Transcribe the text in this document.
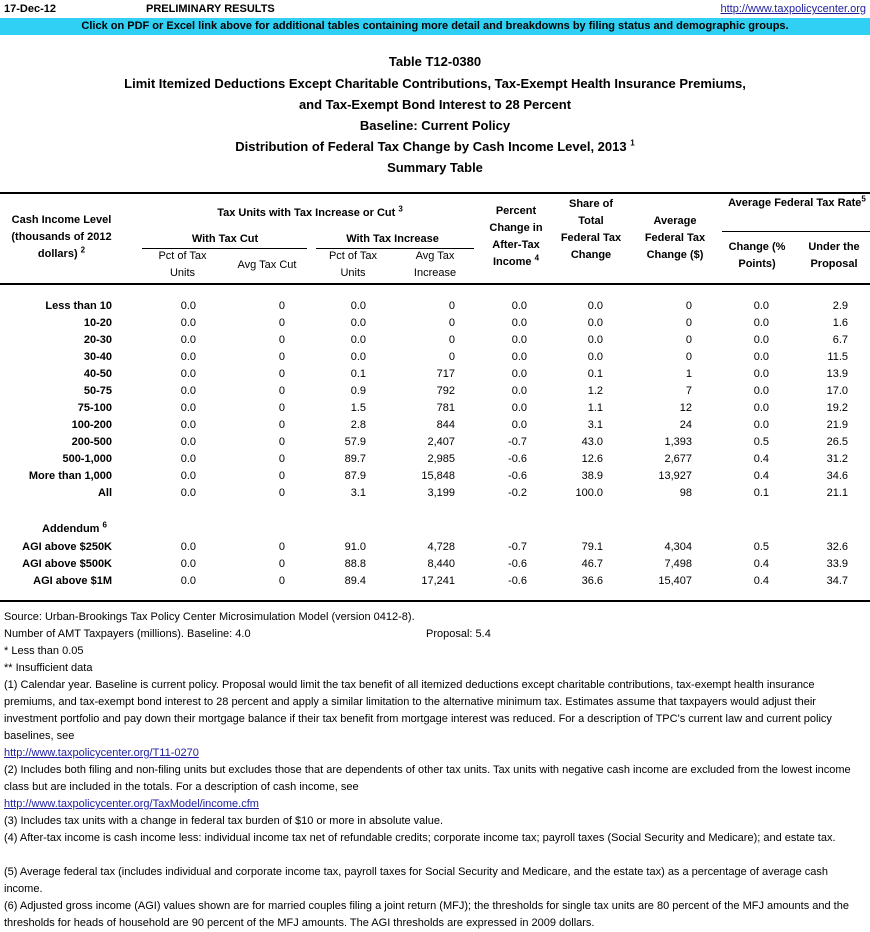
17-Dec-12	PRELIMINARY RESULTS	http://www.taxpolicycenter.org
Click on PDF or Excel link above for additional tables containing more detail and breakdowns by filing status and demographic groups.
Table T12-0380
Limit Itemized Deductions Except Charitable Contributions, Tax-Exempt Health Insurance Premiums,
and Tax-Exempt Bond Interest to 28 Percent
Baseline: Current Policy
Distribution of Federal Tax Change by Cash Income Level, 2013 $^1$
Summary Table
Cash Income Level (thousands of 2012 dollars) $^2$
Tax Units with Tax Increase or Cut $^3$
With Tax Cut	With Tax Increase
Pct of Tax Units
Avg Tax Cut
Pct of Tax Units
Avg Tax Increase
Percent Change in After-Tax Income $^4$
Share of Total Federal Tax Change
Average Federal Tax Change ($)
Average Federal Tax Rate$^5$
Change (% Points)
Under the Proposal
Less than 10	0.0	0	0.0	0	0.0	0.0	0	0.0	2.9
10-20	0.0	0	0.0	0	0.0	0.0	0	0.0	1.6
20-30	0.0	0	0.0	0	0.0	0.0	0	0.0	6.7
30-40	0.0	0	0.0	0	0.0	0.0	0	0.0	11.5
40-50	0.0	0	0.1	717	0.0	0.1	1	0.0	13.9
50-75	0.0	0	0.9	792	0.0	1.2	7	0.0	17.0
75-100	0.0	0	1.5	781	0.0	1.1	12	0.0	19.2
100-200	0.0	0	2.8	844	0.0	3.1	24	0.0	21.9
200-500	0.0	0	57.9	2,407	-0.7	43.0	1,393	0.5	26.5
500-1,000	0.0	0	89.7	2,985	-0.6	12.6	2,677	0.4	31.2
More than 1,000	0.0	0	87.9	15,848	-0.6	38.9	13,927	0.4	34.6
All	0.0	0	3.1	3,199	-0.2	100.0	98	0.1	21.1
Addendum $^6$
AGI above $250K	0.0	0	91.0	4,728	-0.7	79.1	4,304	0.5	32.6
AGI above $500K	0.0	0	88.8	8,440	-0.6	46.7	7,498	0.4	33.9
AGI above $1M	0.0	0	89.4	17,241	-0.6	36.6	15,407	0.4	34.7
Source: Urban-Brookings Tax Policy Center Microsimulation Model (version 0412-8).
Number of AMT Taxpayers (millions). Baseline: 4.0	Proposal: 5.4
* Less than 0.05
** Insufficient data
(1) Calendar year. Baseline is current policy. Proposal would limit the tax benefit of all itemized deductions except charitable contributions, tax-exempt health insurance premiums, and tax-exempt bond interest to 28 percent and apply a similar limitation to the alternative minimum tax. Estimates assume that taxpayers would adjust their investment portfolio and pay down their mortgage balance if their tax benefit from mortgage interest was reduced. For a description of TPC's current law and current policy baselines, see
http://www.taxpolicycenter.org/T11-0270
(2) Includes both filing and non-filing units but excludes those that are dependents of other tax units. Tax units with negative cash income are excluded from the lowest income class but are included in the totals. For a description of cash income, see
http://www.taxpolicycenter.org/TaxModel/income.cfm
(3) Includes tax units with a change in federal tax burden of $10 or more in absolute value.
(4) After-tax income is cash income less: individual income tax net of refundable credits; corporate income tax; payroll taxes (Social Security and Medicare); and estate tax.
(5) Average federal tax (includes individual and corporate income tax, payroll taxes for Social Security and Medicare, and the estate tax) as a percentage of average cash income.
(6) Adjusted gross income (AGI) values shown are for married couples filing a joint return (MFJ); the thresholds for single tax units are 80 percent of the MFJ amounts and the thresholds for heads of household are 90 percent of the MFJ amounts. The AGI thresholds are expressed in 2009 dollars.
